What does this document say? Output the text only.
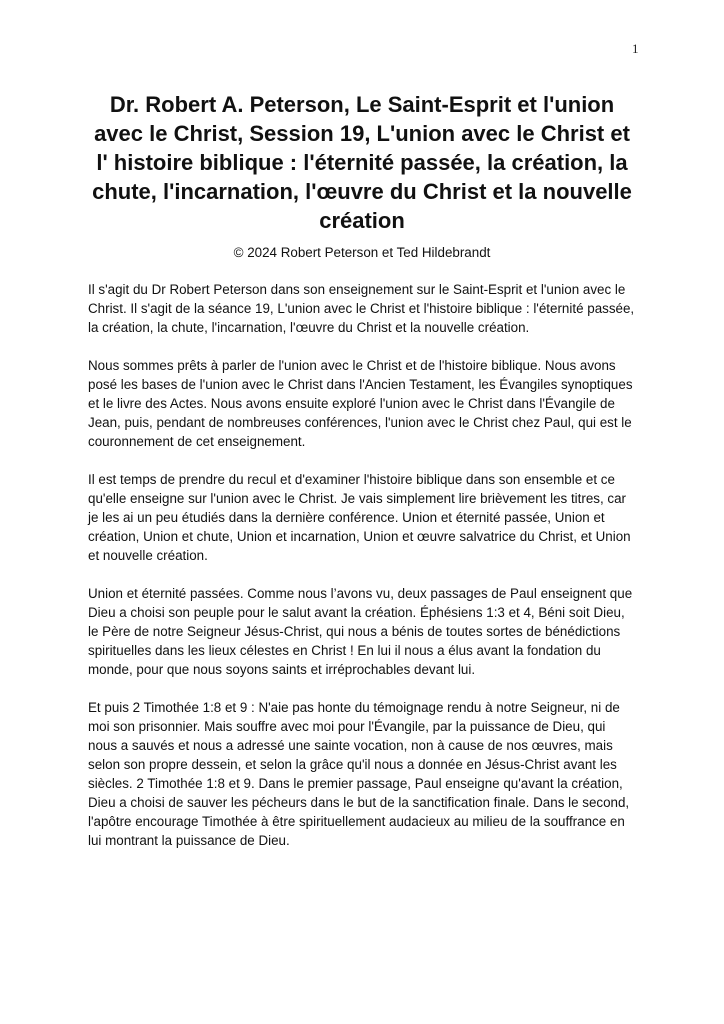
1
Dr. Robert A. Peterson, Le Saint-Esprit et l'union avec le Christ, Session 19, L'union avec le Christ et l' histoire biblique : l'éternité passée, la création, la chute, l'incarnation, l'œuvre du Christ et la nouvelle création
© 2024 Robert Peterson et Ted Hildebrandt

Il s'agit du Dr Robert Peterson dans son enseignement sur le Saint-Esprit et l'union avec le Christ. Il s'agit de la séance 19, L'union avec le Christ et l'histoire biblique : l'éternité passée, la création, la chute, l'incarnation, l'œuvre du Christ et la nouvelle création.

Nous sommes prêts à parler de l'union avec le Christ et de l'histoire biblique. Nous avons posé les bases de l'union avec le Christ dans l'Ancien Testament, les Évangiles synoptiques et le livre des Actes. Nous avons ensuite exploré l'union avec le Christ dans l'Évangile de Jean, puis, pendant de nombreuses conférences, l'union avec le Christ chez Paul, qui est le couronnement de cet enseignement.

Il est temps de prendre du recul et d'examiner l'histoire biblique dans son ensemble et ce qu'elle enseigne sur l'union avec le Christ. Je vais simplement lire brièvement les titres, car je les ai un peu étudiés dans la dernière conférence. Union et éternité passée, Union et création, Union et chute, Union et incarnation, Union et œuvre salvatrice du Christ, et Union et nouvelle création.

Union et éternité passées. Comme nous l’avons vu, deux passages de Paul enseignent que Dieu a choisi son peuple pour le salut avant la création. Éphésiens 1:3 et 4, Béni soit Dieu, le Père de notre Seigneur Jésus-Christ, qui nous a bénis de toutes sortes de bénédictions spirituelles dans les lieux célestes en Christ ! En lui il nous a élus avant la fondation du monde, pour que nous soyons saints et irréprochables devant lui.

Et puis 2 Timothée 1:8 et 9 : N'aie pas honte du témoignage rendu à notre Seigneur, ni de moi son prisonnier. Mais souffre avec moi pour l'Évangile, par la puissance de Dieu, qui nous a sauvés et nous a adressé une sainte vocation, non à cause de nos œuvres, mais selon son propre dessein, et selon la grâce qu'il nous a donnée en Jésus-Christ avant les siècles. 2 Timothée 1:8 et 9. Dans le premier passage, Paul enseigne qu'avant la création, Dieu a choisi de sauver les pécheurs dans le but de la sanctification finale. Dans le second, l'apôtre encourage Timothée à être spirituellement audacieux au milieu de la souffrance en lui montrant la puissance de Dieu.
